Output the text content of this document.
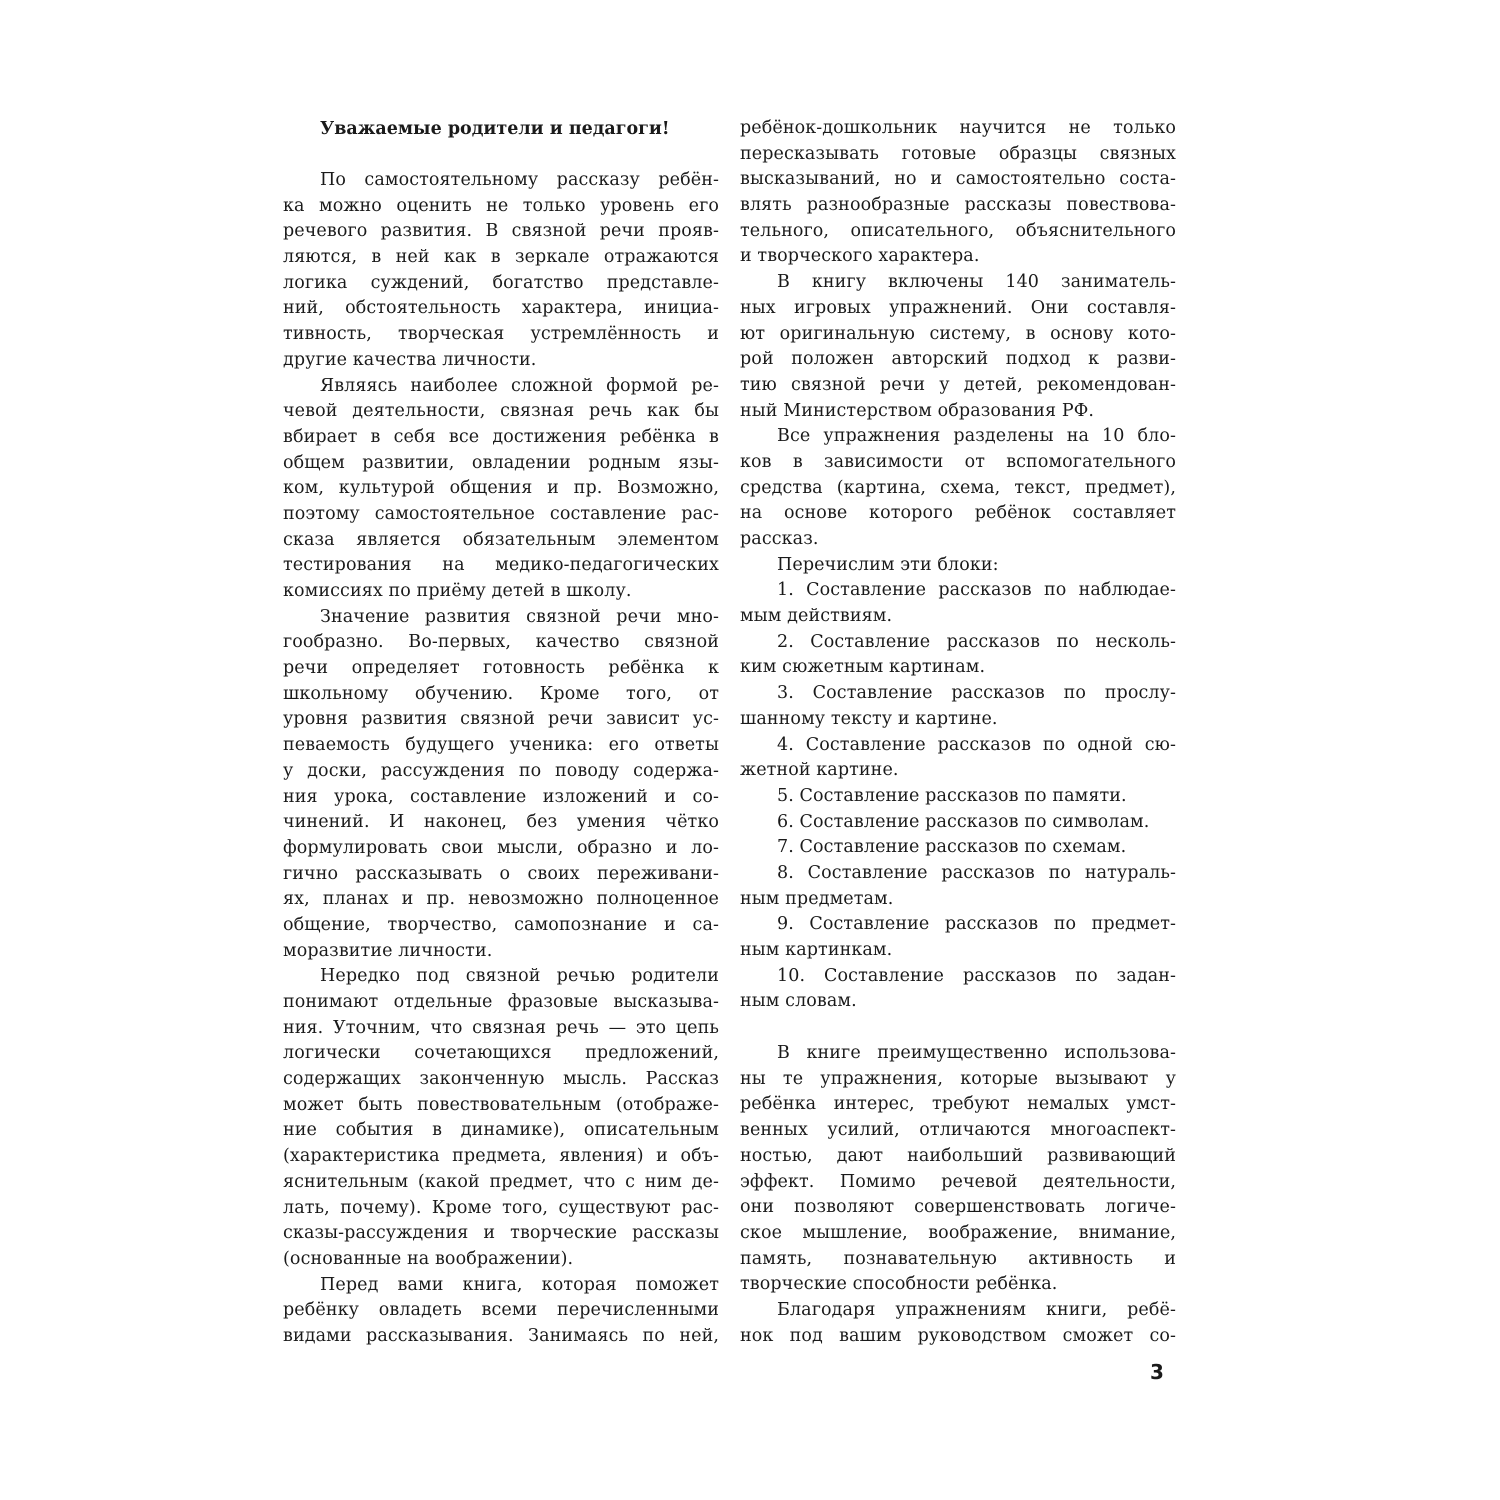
Уважаемые родители и педагоги!
По самостоятельному рассказу ребён-
ка можно оценить не только уровень его
речевого развития. В связной речи прояв-
ляются, в ней как в зеркале отражаются
логика суждений, богатство представле-
ний, обстоятельность характера, инициа-
тивность, творческая устремлённость и
другие качества личности.
Являясь наиболее сложной формой ре-
чевой деятельности, связная речь как бы
вбирает в себя все достижения ребёнка в
общем развитии, овладении родным язы-
ком, культурой общения и пр. Возможно,
поэтому самостоятельное составление рас-
сказа является обязательным элементом
тестирования на медико-педагогических
комиссиях по приёму детей в школу.
Значение развития связной речи мно-
гообразно. Во-первых, качество связной
речи определяет готовность ребёнка к
школьному обучению. Кроме того, от
уровня развития связной речи зависит ус-
певаемость будущего ученика: его ответы
у доски, рассуждения по поводу содержа-
ния урока, составление изложений и со-
чинений. И наконец, без умения чётко
формулировать свои мысли, образно и ло-
гично рассказывать о своих переживани-
ях, планах и пр. невозможно полноценное
общение, творчество, самопознание и са-
моразвитие личности.
Нередко под связной речью родители
понимают отдельные фразовые высказыва-
ния. Уточним, что связная речь — это цепь
логически сочетающихся предложений,
содержащих законченную мысль. Рассказ
может быть повествовательным (отображе-
ние события в динамике), описательным
(характеристика предмета, явления) и объ-
яснительным (какой предмет, что с ним де-
лать, почему). Кроме того, существуют рас-
сказы-рассуждения и творческие рассказы
(основанные на воображении).
Перед вами книга, которая поможет
ребёнку овладеть всеми перечисленными
видами рассказывания. Занимаясь по ней,
ребёнок-дошкольник научится не только
пересказывать готовые образцы связных
высказываний, но и самостоятельно соста-
влять разнообразные рассказы повествова-
тельного, описательного, объяснительного
и творческого характера.
В книгу включены 140 заниматель-
ных игровых упражнений. Они составля-
ют оригинальную систему, в основу кото-
рой положен авторский подход к разви-
тию связной речи у детей, рекомендован-
ный Министерством образования РФ.
Все упражнения разделены на 10 бло-
ков в зависимости от вспомогательного
средства (картина, схема, текст, предмет),
на основе которого ребёнок составляет
рассказ.
Перечислим эти блоки:
1. Составление рассказов по наблюдае-
мым действиям.
2. Составление рассказов по несколь-
ким сюжетным картинам.
3. Составление рассказов по прослу-
шанному тексту и картине.
4. Составление рассказов по одной сю-
жетной картине.
5. Составление рассказов по памяти.
6. Составление рассказов по символам.
7. Составление рассказов по схемам.
8. Составление рассказов по натураль-
ным предметам.
9. Составление рассказов по предмет-
ным картинкам.
10. Составление рассказов по задан-
ным словам.
В книге преимущественно использова-
ны те упражнения, которые вызывают у
ребёнка интерес, требуют немалых умст-
венных усилий, отличаются многоаспект-
ностью, дают наибольший развивающий
эффект. Помимо речевой деятельности,
они позволяют совершенствовать логиче-
ское мышление, воображение, внимание,
память, познавательную активность и
творческие способности ребёнка.
Благодаря упражнениям книги, ребё-
нок под вашим руководством сможет со-
3
